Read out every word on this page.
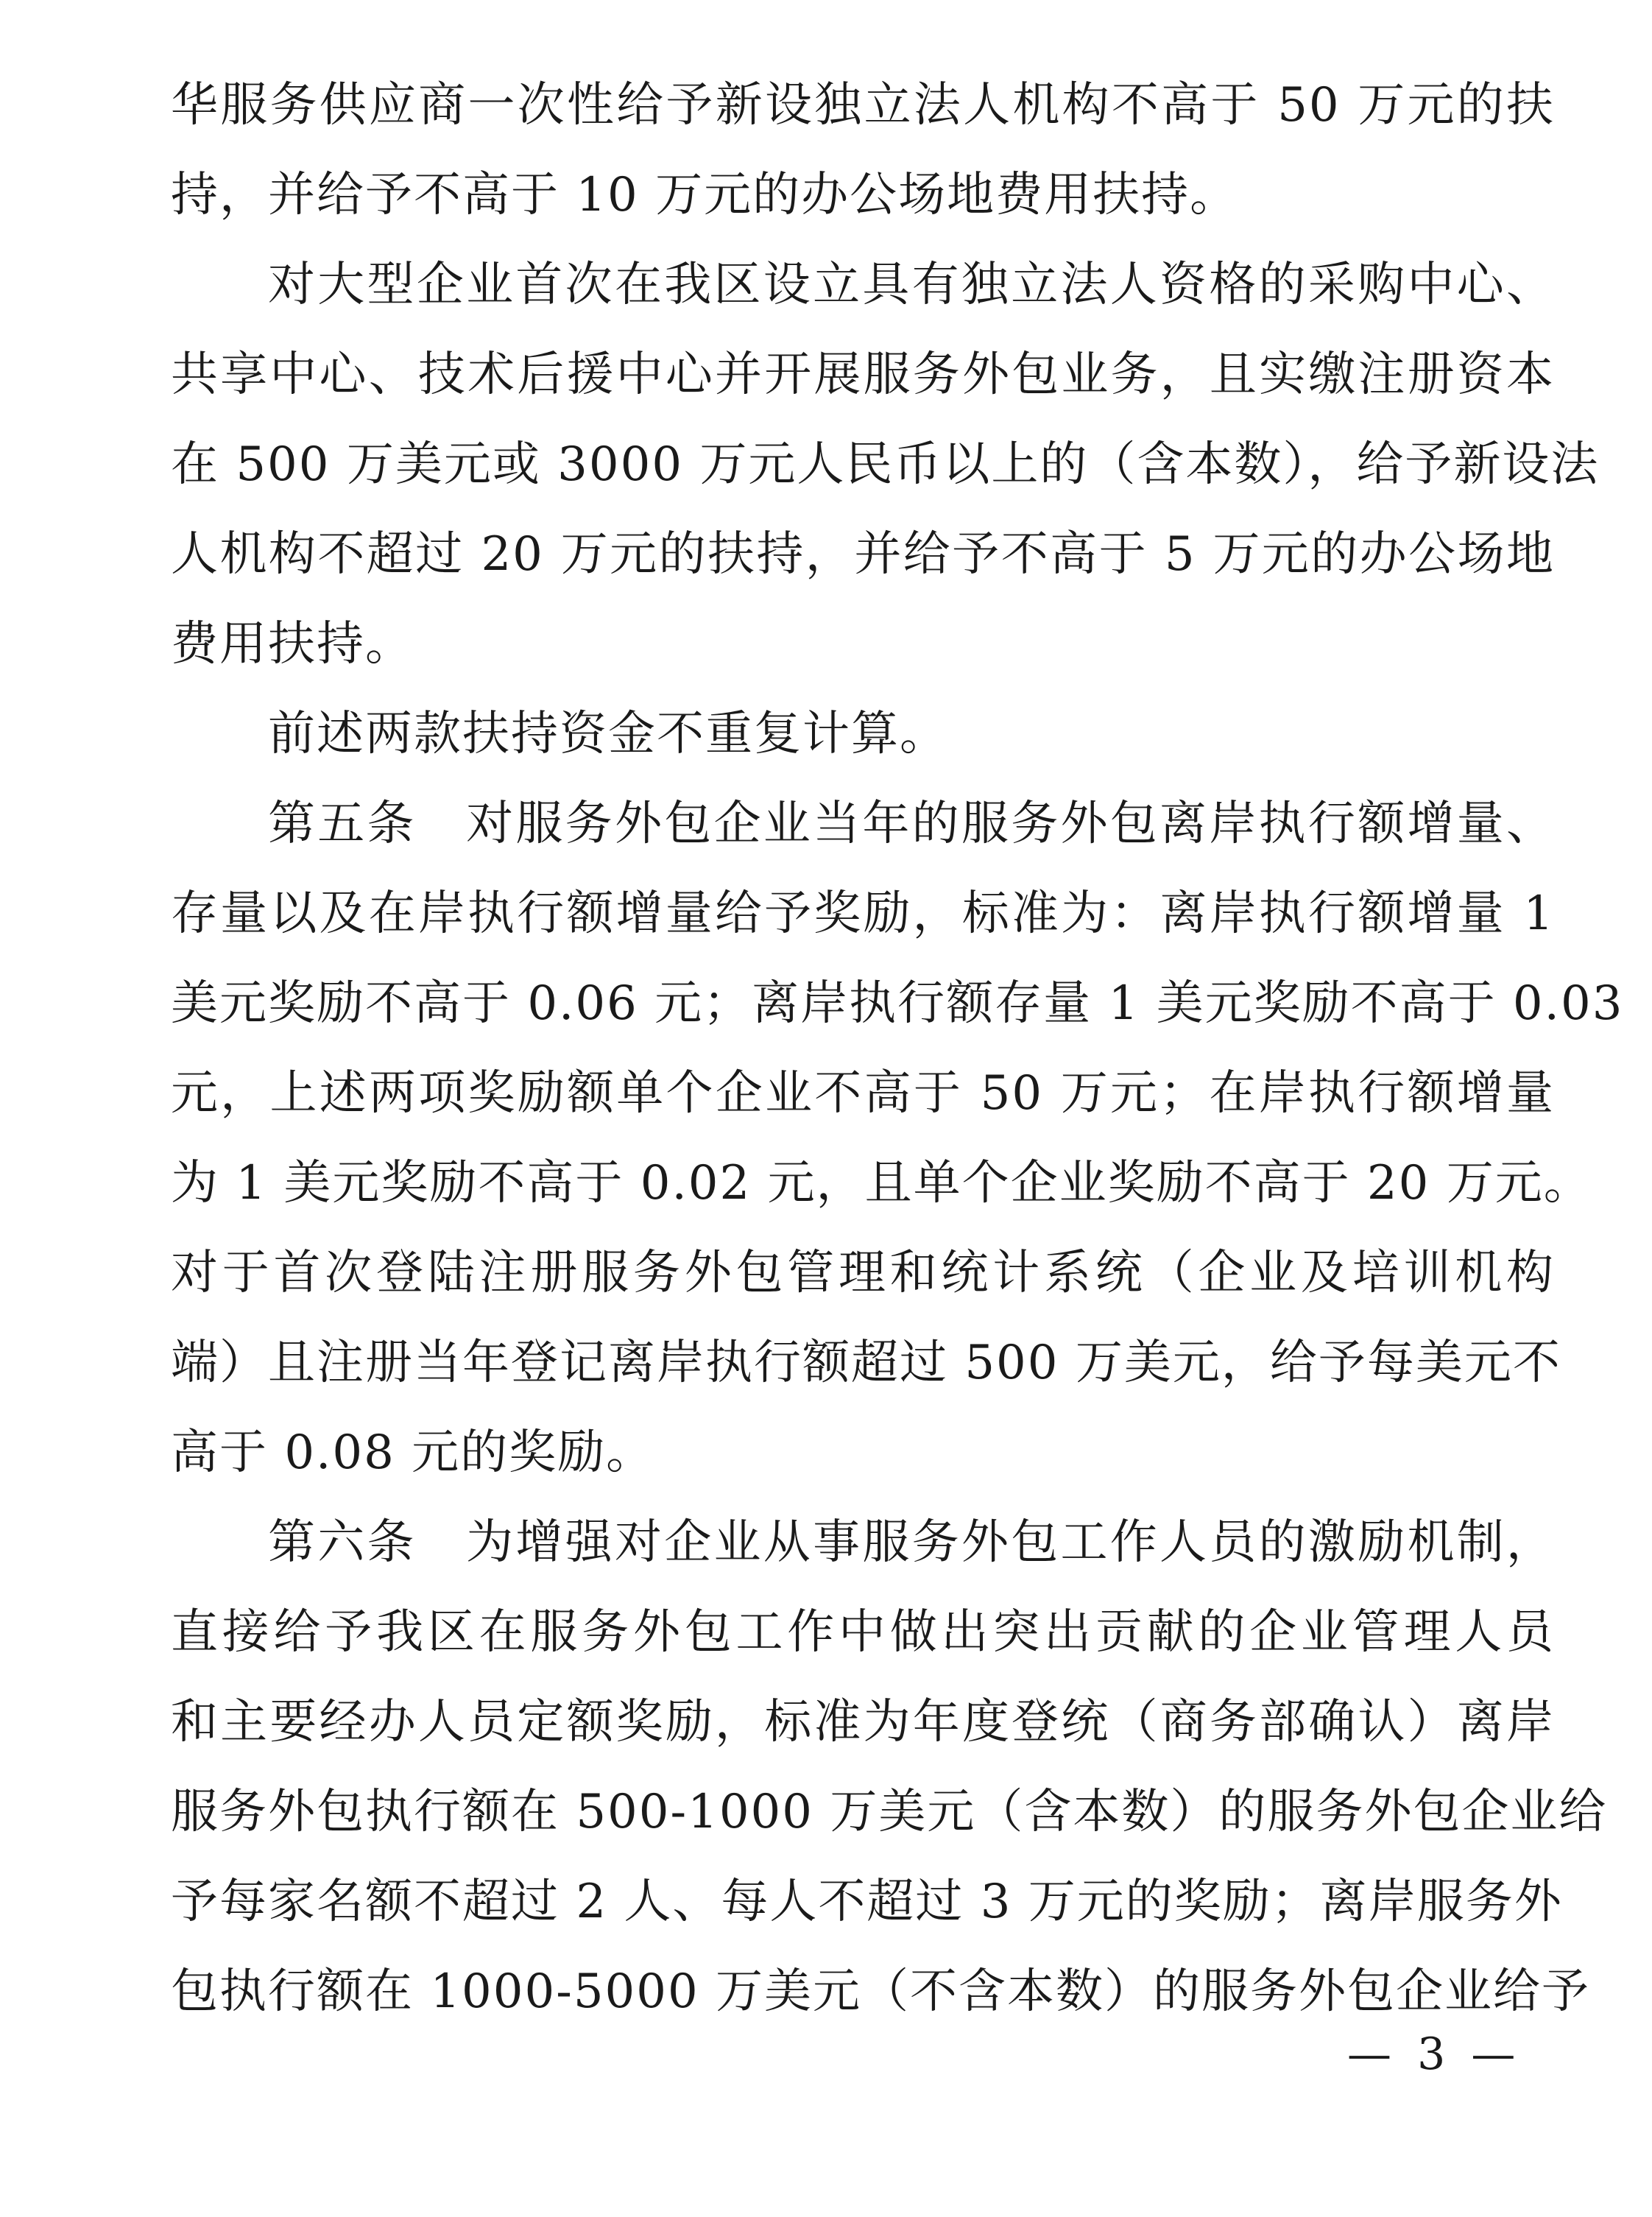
华服务供应商一次性给予新设独立法人机构不高于 50 万元的扶
持，并给予不高于 10 万元的办公场地费用扶持。
对大型企业首次在我区设立具有独立法人资格的采购中心、
共享中心、技术后援中心并开展服务外包业务，且实缴注册资本
在 500 万美元或 3000 万元人民币以上的（含本数），给予新设法
人机构不超过 20 万元的扶持，并给予不高于 5 万元的办公场地
费用扶持。
前述两款扶持资金不重复计算。
第五条　对服务外包企业当年的服务外包离岸执行额增量、
存量以及在岸执行额增量给予奖励，标准为：离岸执行额增量 1
美元奖励不高于 0.06 元；离岸执行额存量 1 美元奖励不高于 0.03
元，上述两项奖励额单个企业不高于 50 万元；在岸执行额增量
为 1 美元奖励不高于 0.02 元，且单个企业奖励不高于 20 万元。
对于首次登陆注册服务外包管理和统计系统（企业及培训机构
端）且注册当年登记离岸执行额超过 500 万美元，给予每美元不
高于 0.08 元的奖励。
第六条　为增强对企业从事服务外包工作人员的激励机制，
直接给予我区在服务外包工作中做出突出贡献的企业管理人员
和主要经办人员定额奖励，标准为年度登统（商务部确认）离岸
服务外包执行额在 500-1000 万美元（含本数）的服务外包企业给
予每家名额不超过 2 人、每人不超过 3 万元的奖励；离岸服务外
包执行额在 1000-5000 万美元（不含本数）的服务外包企业给予
— 3 —
